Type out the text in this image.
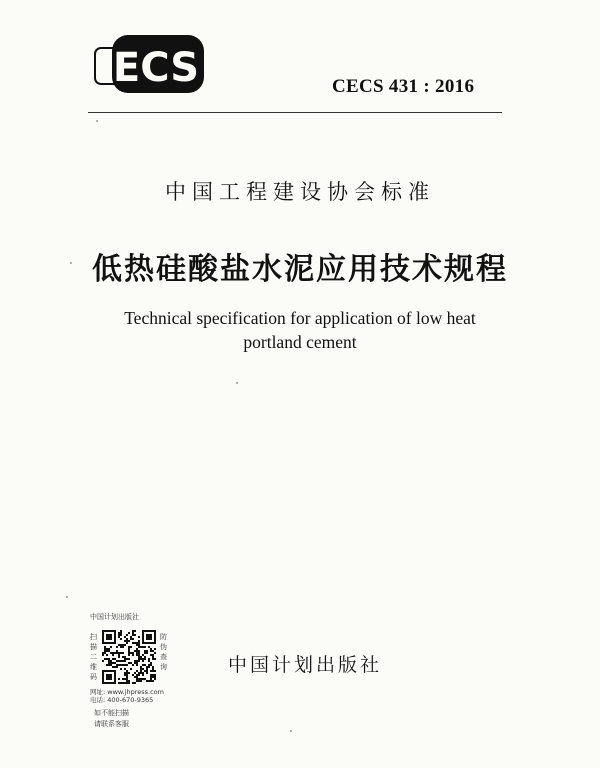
ECS	CECS 431 : 2016
中国工程建设协会标准
低热硅酸盐水泥应用技术规程
Technical specification for application of low heat
portland cement
中国计划出版社
扫描二维码
防伪查询
网址: www.jhpress.com
电话: 400-670-9365
如不能扫描
请联系客服
中国计划出版社
